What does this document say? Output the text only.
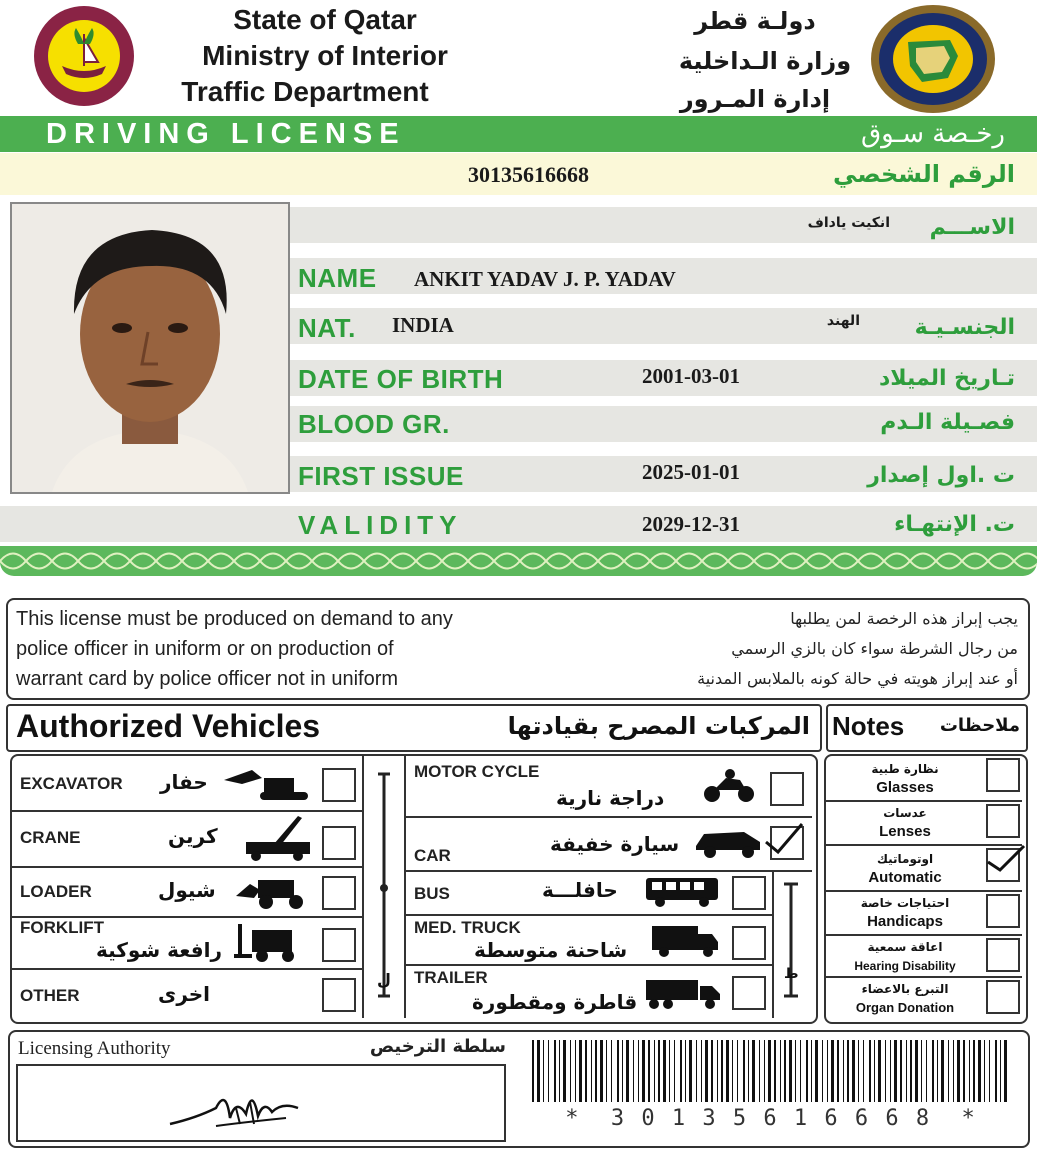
State of Qatar
Ministry of Interior
Traffic Department
دولـة قطر
وزارة الـداخلية
إدارة المـرور
DRIVING LICENSE	رخـصة سـوق
30135616668	الرقم الشخصي
انكيت ياداف	الاســـم
NAME ANKIT YADAV J. P. YADAV
NAT. INDIA	الهند	الجنسـيـة
DATE OF BIRTH	2001-03-01	تـاريخ الميلاد
BLOOD GR.	فصـيلة الـدم
FIRST ISSUE	2025-01-01	ت .اول إصدار
VALIDITY	2029-12-31	ت. الإنتهـاء
This license must be produced on demand to any
police officer in uniform or on production of
warrant card by police officer not in uniform
يجب إبراز هذه الرخصة لمن يطلبها
من رجال الشرطة سواء كان بالزي الرسمي
أو عند إبراز هويته في حالة كونه بالملابس المدنية
Authorized Vehicles	المركبات المصرح بقيادتها Notes	ملاحظات
ل	ط
EXCAVATOR حفار
CRANE	كرين
LOADER	شيول
FORKLIFT
رافعة شوكية
OTHER	اخرى
MOTOR CYCLE
دراجة نارية
CAR	سيارة خفيفة
BUS	حافلـــة
MED. TRUCK
شاحنة متوسطة
TRAILER
قاطرة ومقطورة
نظارة طبية
Glasses
عدسات
Lenses
اوتوماتيك
Automatic
احتياجات خاصة
Handicaps
اعاقة سمعية
Hearing Disability
التبرع بالاعضاء
Organ Donation
Licensing Authority	سلطة الترخيص
*  3 0 1 3 5 6 1 6 6 6 8  *
